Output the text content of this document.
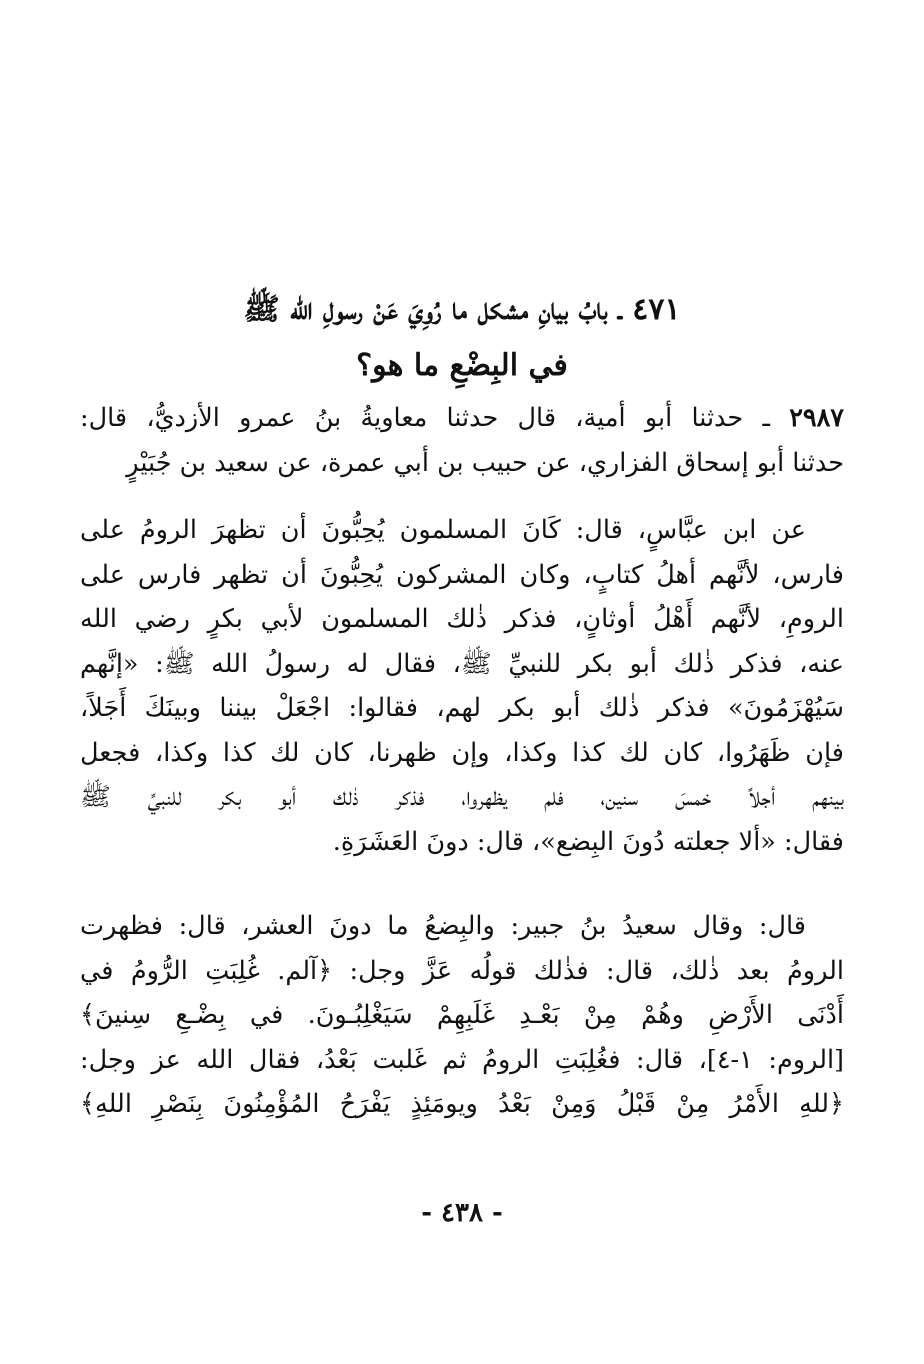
٤٧١ ـ بابُ بيانِ مشكل ما رُوِيَ عَنْ رسولِ الله ﷺ
في البِضْعِ ما هو؟
٢٩٨٧ ـ حدثنا أبو أمية، قال حدثنا معاويةُ بنُ عمرو الأزديُّ، قال:
حدثنا أبو إسحاق الفزاري، عن حبيب بن أبي عمرة، عن سعيد بن جُبَيْرٍ
عن ابن عبَّاسٍ، قال: كَانَ المسلمون يُحِبُّونَ أن تظهرَ الرومُ على
فارس، لأنَّهم أهلُ كتابٍ، وكان المشركون يُحِبُّونَ أن تظهر فارس على
الرومِ، لأنَّهم أَهْلُ أوثانٍ، فذكر ذٰلك المسلمون لأبي بكرٍ رضي الله
عنه، فذكر ذٰلك أبو بكر للنبيِّ ﷺ، فقال له رسولُ الله ﷺ: «إنَّهم
سَيُهْزَمُونَ» فذكر ذٰلك أبو بكر لهم، فقالوا: اجْعَلْ بيننا وبينَكَ أَجَلاً،
فإن ظَهَرُوا، كان لك كذا وكذا، وإن ظهرنا، كان لك كذا وكذا، فجعل
بينهم أجلاً خمسَ سنين، فلم يظهروا، فذكر ذٰلك أبو بكر للنبيِّ ﷺ
فقال: «ألا جعلته دُونَ البِضع»، قال: دونَ العَشَرَةِ.
قال: وقال سعيدُ بنُ جبير: والبِضعُ ما دونَ العشر، قال: فظهرت
الرومُ بعد ذٰلك، قال: فذٰلك قولُه عَزَّ وجل: ﴿آلم. غُلِبَتِ الرُّومُ في
أَدْنَى الأَرْضِ وهُمْ مِنْ بَعْـدِ غَلَبِهِمْ سَيَغْلِبُـونَ. في بِضْـعِ سِنينَ﴾
[الروم: ١-٤]، قال: فغُلِبَتِ الرومُ ثم غَلبت بَعْدُ، فقال الله عز وجل:
﴿للهِ الأَمْرُ مِنْ قَبْلُ وَمِنْ بَعْدُ ويومَئِذٍ يَفْرَحُ المُؤْمِنُونَ بِنَصْرِ اللهِ﴾
- ٤٣٨ -
